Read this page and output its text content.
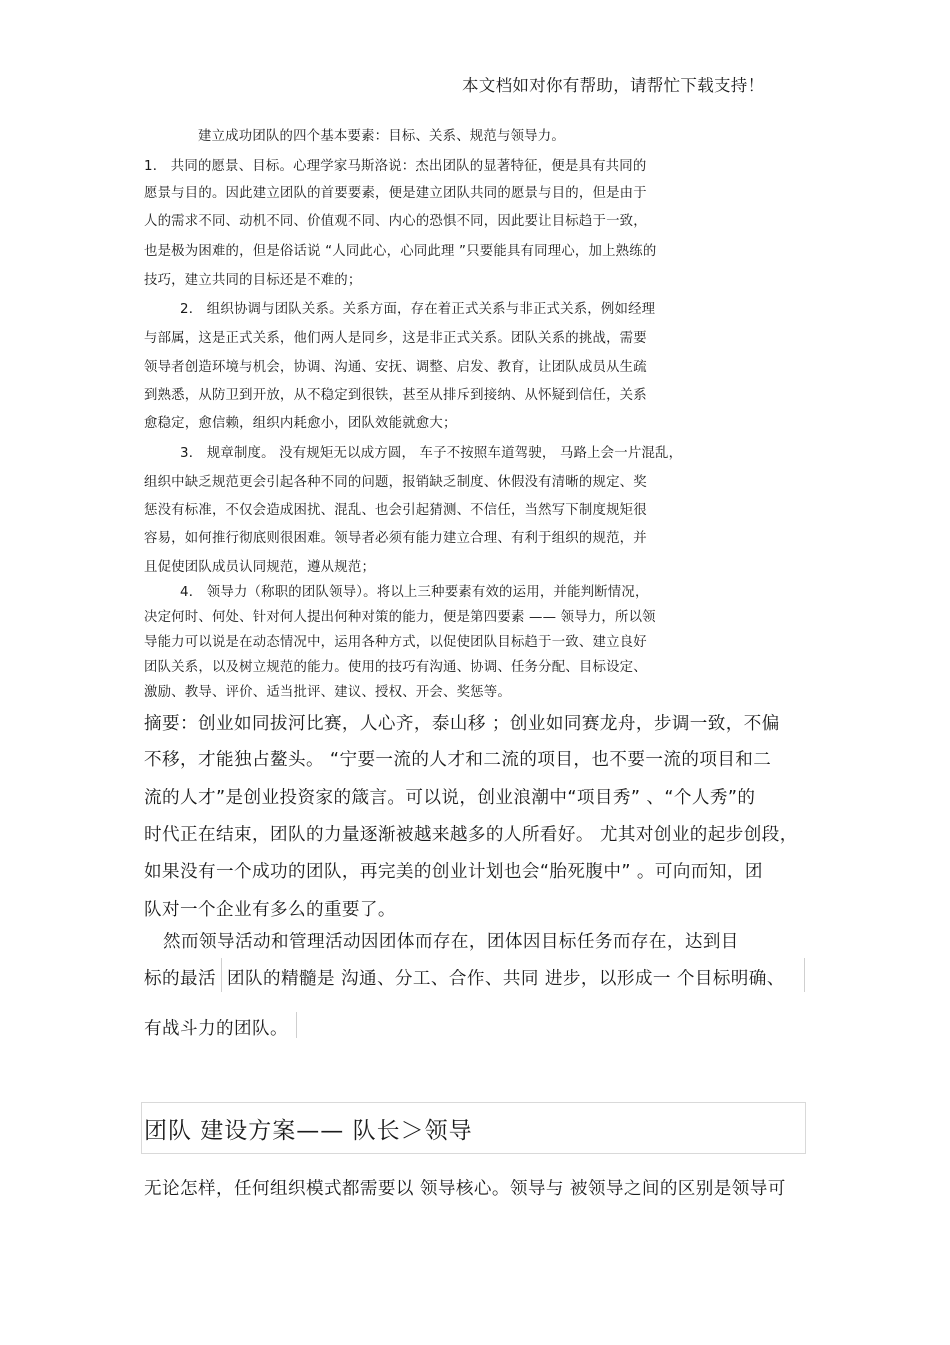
本文档如对你有帮助，请帮忙下载支持！
建立成功团队的四个基本要素：目标、关系、规范与领导力。
1． 共同的愿景、目标。心理学家马斯洛说：杰出团队的显著特征，便是具有共同的
愿景与目的。因此建立团队的首要要素，便是建立团队共同的愿景与目的，但是由于
人的需求不同、动机不同、价值观不同、内心的恐惧不同，因此要让目标趋于一致，
也是极为困难的，但是俗话说 “人同此心，心同此理 ”只要能具有同理心，加上熟练的
技巧，建立共同的目标还是不难的；
2． 组织协调与团队关系。关系方面，存在着正式关系与非正式关系，例如经理
与部属，这是正式关系，他们两人是同乡，这是非正式关系。团队关系的挑战，需要
领导者创造环境与机会，协调、沟通、安抚、调整、启发、教育，让团队成员从生疏
到熟悉，从防卫到开放，从不稳定到很铁，甚至从排斥到接纳、从怀疑到信任，关系
愈稳定，愈信赖，组织内耗愈小，团队效能就愈大；
3． 规章制度。 没有规矩无以成方圆， 车子不按照车道驾驶， 马路上会一片混乱，
组织中缺乏规范更会引起各种不同的问题，报销缺乏制度、休假没有清晰的规定、奖
惩没有标准，不仅会造成困扰、混乱、也会引起猜测、不信任，当然写下制度规矩很
容易，如何推行彻底则很困难。领导者必须有能力建立合理、有利于组织的规范，并
且促使团队成员认同规范，遵从规范；
4． 领导力（称职的团队领导）。将以上三种要素有效的运用，并能判断情况，
决定何时、何处、针对何人提出何种对策的能力，便是第四要素 —— 领导力，所以领
导能力可以说是在动态情况中，运用各种方式，以促使团队目标趋于一致、建立良好
团队关系，以及树立规范的能力。使用的技巧有沟通、协调、任务分配、目标设定、
激励、教导、评价、适当批评、建议、授权、开会、奖惩等。
摘要：创业如同拔河比赛，人心齐，泰山移 ；创业如同赛龙舟，步调一致，不偏
不移，才能独占鳌头。 “宁要一流的人才和二流的项目，也不要一流的项目和二
流的人才”是创业投资家的箴言。可以说，创业浪潮中“项目秀” 、“个人秀”的
时代正在结束，团队的力量逐渐被越来越多的人所看好。 尤其对创业的起步创段，
如果没有一个成功的团队，再完美的创业计划也会“胎死腹中” 。可向而知，团
队对一个企业有多么的重要了。
然而领导活动和管理活动因团体而存在，团体因目标任务而存在，达到目
标的最活 团队的精髓是 沟通、分工、合作、共同 进步，以形成一 个目标明确、
有战斗力的团队。
团队 建设方案—— 队长＞领导
无论怎样，任何组织模式都需要以 领导核心。领导与 被领导之间的区别是领导可
